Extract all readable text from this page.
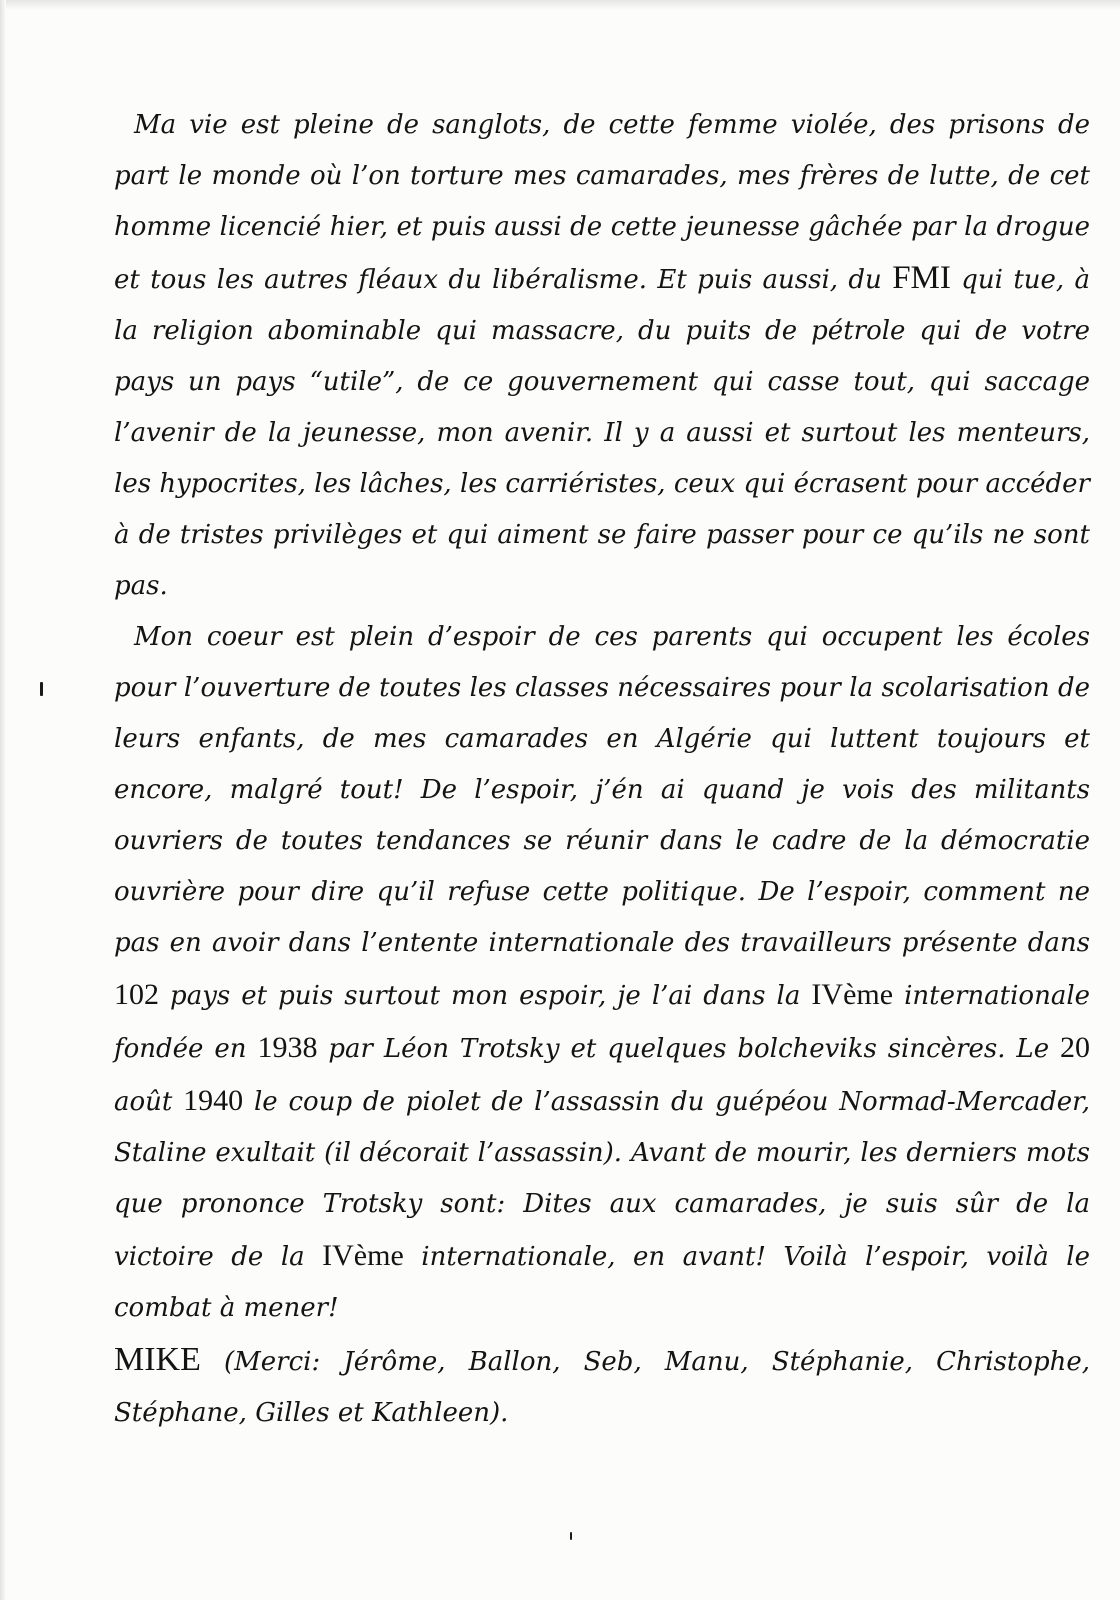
Ma vie est pleine de sanglots, de cette femme violée, des prisons de part le monde où l’on torture mes camarades, mes frères de lutte, de cet homme licencié hier, et puis aussi de cette jeunesse gâchée par la drogue et tous les autres fléaux du libéralisme. Et puis aussi, du FMI qui tue, à la religion abominable qui massacre, du puits de pétrole qui de votre pays un pays “utile”, de ce gouvernement qui casse tout, qui saccage l’avenir de la jeunesse, mon avenir. Il y a aussi et surtout les menteurs, les hypocrites, les lâches, les carriéristes, ceux qui écrasent pour accéder à de tristes privilèges et qui aiment se faire passer pour ce qu’ils ne sont pas.

Mon coeur est plein d’espoir de ces parents qui occupent les écoles pour l’ouverture de toutes les classes nécessaires pour la scolarisation de leurs enfants, de mes camarades en Algérie qui luttent toujours et encore, malgré tout! De l’espoir, j’én ai quand je vois des militants ouvriers de toutes tendances se réunir dans le cadre de la démocratie ouvrière pour dire qu’il refuse cette politique. De l’espoir, comment ne pas en avoir dans l’entente internationale des travailleurs présente dans 102 pays et puis surtout mon espoir, je l’ai dans la IVème internationale fondée en 1938 par Léon Trotsky et quelques bolcheviks sincères. Le 20 août 1940 le coup de piolet de l’assassin du guépéou Normad-Mercader, Staline exultait (il décorait l’assassin). Avant de mourir, les derniers mots que prononce Trotsky sont: Dites aux camarades, je suis sûr de la victoire de la IVème internationale, en avant! Voilà l’espoir, voilà le combat à mener!

MIKE (Merci: Jérôme, Ballon, Seb, Manu, Stéphanie, Christophe, Stéphane, Gilles et Kathleen).
